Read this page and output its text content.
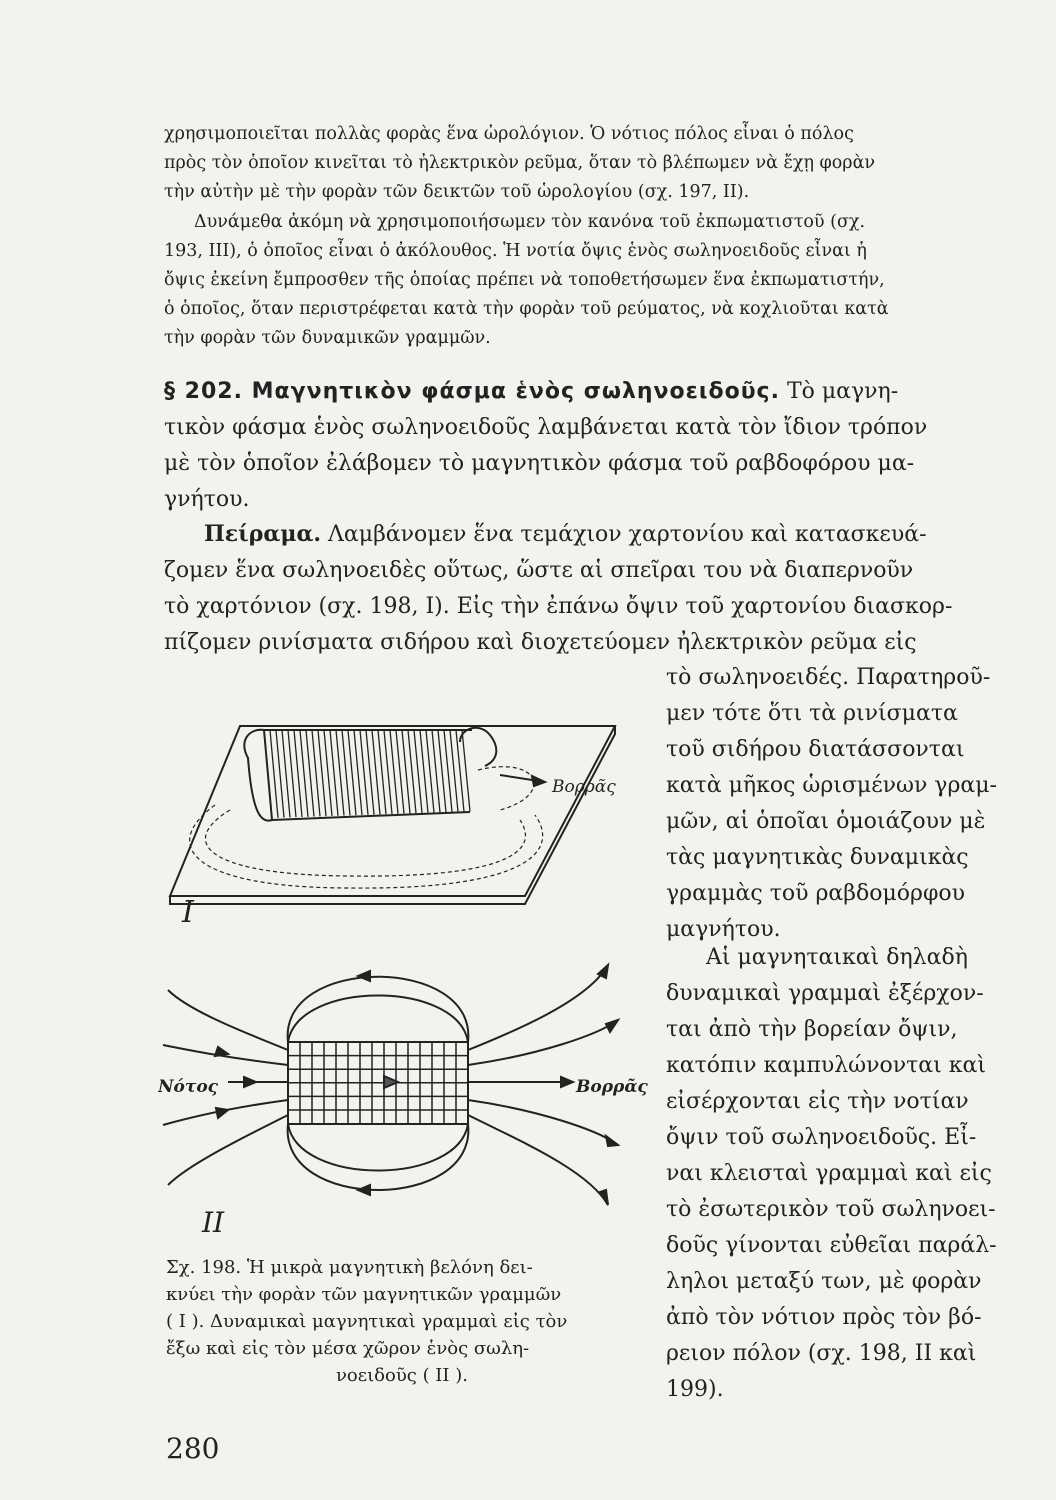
χρησιμοποιεῖται πολλὰς φορὰς ἕνα ὡρολόγιον. Ὁ νότιος πόλος εἶναι ὁ πόλος
πρὸς τὸν ὁποῖον κινεῖται τὸ ἠλεκτρικὸν ρεῦμα, ὅταν τὸ βλέπωμεν νὰ ἔχῃ φορὰν
τὴν αὐτὴν μὲ τὴν φορὰν τῶν δεικτῶν τοῦ ὡρολογίου (σχ. 197, II).
Δυνάμεθα ἀκόμη νὰ χρησιμοποιήσωμεν τὸν κανόνα τοῦ ἐκπωματιστοῦ (σχ.
193, III), ὁ ὁποῖος εἶναι ὁ ἀκόλουθος. Ἡ νοτία ὄψις ἑνὸς σωληνοειδοῦς εἶναι ἡ
ὄψις ἐκείνη ἔμπροσθεν τῆς ὁποίας πρέπει νὰ τοποθετήσωμεν ἕνα ἐκπωματιστήν,
ὁ ὁποῖος, ὅταν περιστρέφεται κατὰ τὴν φορὰν τοῦ ρεύματος, νὰ κοχλιοῦται κατὰ
τὴν φορὰν τῶν δυναμικῶν γραμμῶν.
§ 202. Μαγνητικὸν φάσμα ἑνὸς σωληνοειδοῦς. Τὸ μαγνη-
τικὸν φάσμα ἑνὸς σωληνοειδοῦς λαμβάνεται κατὰ τὸν ἴδιον τρόπον
μὲ τὸν ὁποῖον ἐλάβομεν τὸ μαγνητικὸν φάσμα τοῦ ραβδοφόρου μα-
γνήτου.
Πείραμα. Λαμβάνομεν ἕνα τεμάχιον χαρτονίου καὶ κατασκευά-
ζομεν ἕνα σωληνοειδὲς οὕτως, ὥστε αἱ σπεῖραι του νὰ διαπερνοῦν
τὸ χαρτόνιον (σχ. 198, I). Εἰς τὴν ἐπάνω ὄψιν τοῦ χαρτονίου διασκορ-
πίζομεν ρινίσματα σιδήρου καὶ διοχετεύομεν ἠλεκτρικὸν ρεῦμα εἰς
τὸ σωληνοειδές. Παρατηροῦ-
μεν τότε ὅτι τὰ ρινίσματα
τοῦ σιδήρου διατάσσονται
κατὰ μῆκος ὡρισμένων γραμ-
μῶν, αἱ ὁποῖαι ὁμοιάζουν μὲ
τὰς μαγνητικὰς δυναμικὰς
γραμμὰς τοῦ ραβδομόρφου
μαγνήτου.
Αἱ μαγνηταικαὶ δηλαδὴ
δυναμικαὶ γραμμαὶ ἐξέρχον-
ται ἀπὸ τὴν βορείαν ὄψιν,
κατόπιν καμπυλώνονται καὶ
εἰσέρχονται εἰς τὴν νοτίαν
ὄψιν τοῦ σωληνοειδοῦς. Εἶ-
ναι κλεισταὶ γραμμαὶ καὶ εἰς
τὸ ἐσωτερικὸν τοῦ σωληνοει-
δοῦς γίνονται εὐθεῖαι παράλ-
ληλοι μεταξύ των, μὲ φορὰν
ἀπὸ τὸν νότιον πρὸς τὸν βό-
ρειον πόλον (σχ. 198, II καὶ
199).
Βορρᾶς
I
Νότος	Βορρᾶς
II
Σχ. 198. Ἡ μικρὰ μαγνητικὴ βελόνη δει-
κνύει τὴν φορὰν τῶν μαγνητικῶν γραμμῶν
( I ). Δυναμικαὶ μαγνητικαὶ γραμμαὶ εἰς τὸν
ἔξω καὶ εἰς τὸν μέσα χῶρον ἑνὸς σωλη-
νοειδοῦς ( II ).
280
